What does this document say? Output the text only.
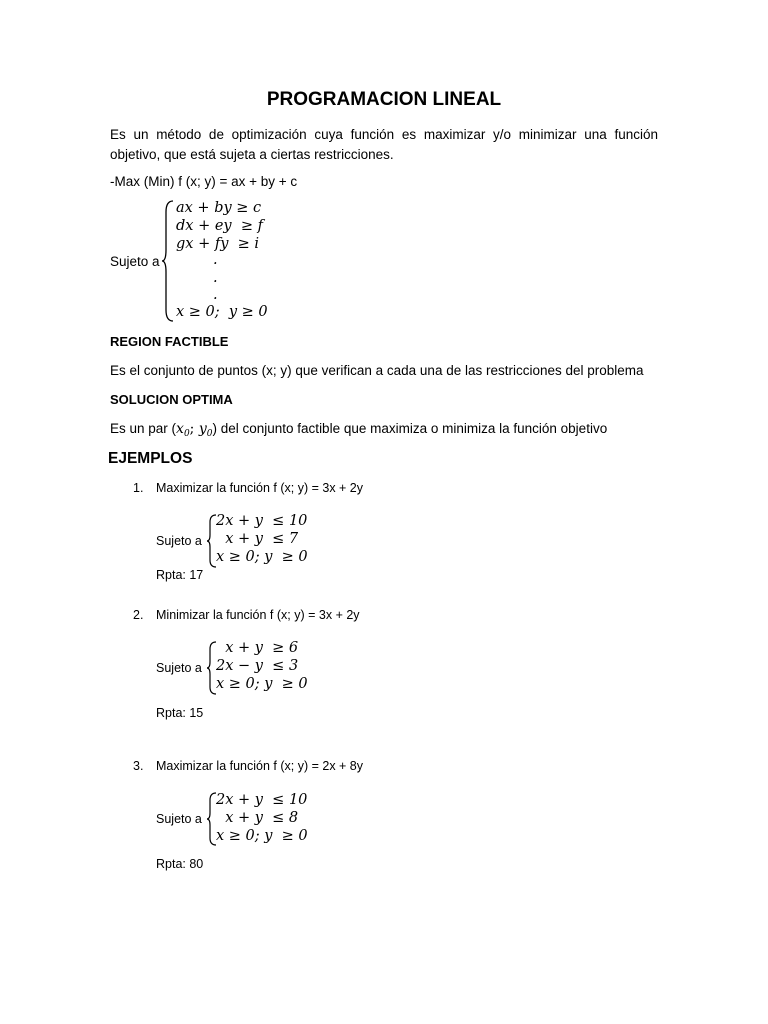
PROGRAMACION LINEAL
Es un método de optimización cuya función es maximizar y/o minimizar una función objetivo, que está sujeta a ciertas restricciones.
-Max (Min) f (x; y) = ax + by + c
Sujeto a
ax + by ≥ c
dx + ey  ≥ f
gx + fy  ≥ i
.
.
.
x ≥ 0;  y ≥ 0
REGION FACTIBLE
Es el conjunto de puntos (x; y) que verifican a cada una de las restricciones del problema
SOLUCION OPTIMA
Es un par ($x_0$; $y_0$) del conjunto factible que maximiza o minimiza la función objetivo
EJEMPLOS
1. Maximizar la función f (x; y) = 3x + 2y
Sujeto a
2x + y  ≤ 10
x + y  ≤ 7
x ≥ 0; y  ≥ 0
Rpta: 17
2. Minimizar la función f (x; y) = 3x + 2y
Sujeto a
x + y  ≥ 6
2x − y  ≤ 3
x ≥ 0; y  ≥ 0
Rpta: 15
3. Maximizar la función f (x; y) = 2x + 8y
Sujeto a
2x + y  ≤ 10
x + y  ≤ 8
x ≥ 0; y  ≥ 0
Rpta: 80
